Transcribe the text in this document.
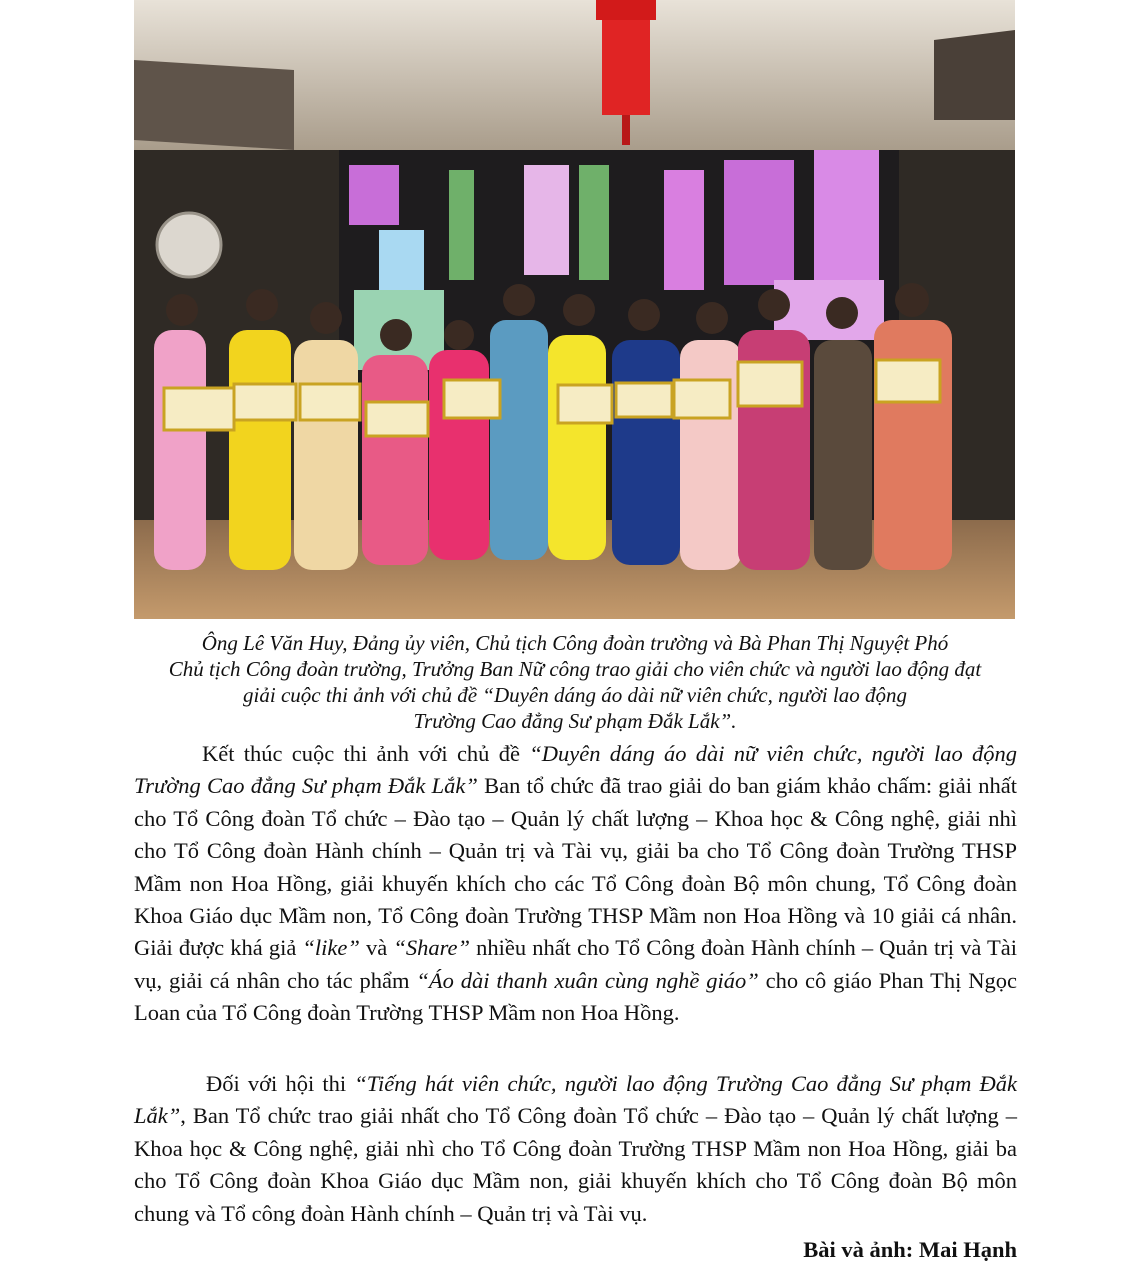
Ông Lê Văn Huy, Đảng ủy viên, Chủ tịch Công đoàn trường và Bà Phan Thị Nguyệt Phó
Chủ tịch Công đoàn trường, Trưởng Ban Nữ công trao giải cho viên chức và người lao động đạt
giải cuộc thi ảnh với chủ đề “Duyên dáng áo dài nữ viên chức, người lao động
Trường Cao đẳng Sư phạm Đắk Lắk”.

Kết thúc cuộc thi ảnh với chủ đề “Duyên dáng áo dài nữ viên chức, người lao động Trường Cao đẳng Sư phạm Đắk Lắk” Ban tổ chức đã trao giải do ban giám khảo chấm: giải nhất cho Tổ Công đoàn Tổ chức – Đào tạo – Quản lý chất lượng – Khoa học & Công nghệ, giải nhì cho Tổ Công đoàn Hành chính – Quản trị và Tài vụ, giải ba cho Tổ Công đoàn Trường THSP Mầm non Hoa Hồng, giải khuyến khích cho các Tổ Công đoàn Bộ môn chung, Tổ Công đoàn Khoa Giáo dục Mầm non, Tổ Công đoàn Trường THSP Mầm non Hoa Hồng và 10 giải cá nhân. Giải được khá giả “like” và “Share” nhiều nhất cho Tổ Công đoàn Hành chính – Quản trị và Tài vụ, giải cá nhân cho tác phẩm “Áo dài thanh xuân cùng nghề giáo” cho cô giáo Phan Thị Ngọc Loan của Tổ Công đoàn Trường THSP Mầm non Hoa Hồng.

Đối với hội thi “Tiếng hát viên chức, người lao động Trường Cao đẳng Sư phạm Đắk Lắk”, Ban Tổ chức trao giải nhất cho Tổ Công đoàn Tổ chức – Đào tạo – Quản lý chất lượng – Khoa học & Công nghệ, giải nhì cho Tổ Công đoàn Trường THSP Mầm non Hoa Hồng, giải ba cho Tổ Công đoàn Khoa Giáo dục Mầm non, giải khuyến khích cho Tổ Công đoàn Bộ môn chung và Tổ công đoàn Hành chính – Quản trị và Tài vụ.

Bài và ảnh: Mai Hạnh
